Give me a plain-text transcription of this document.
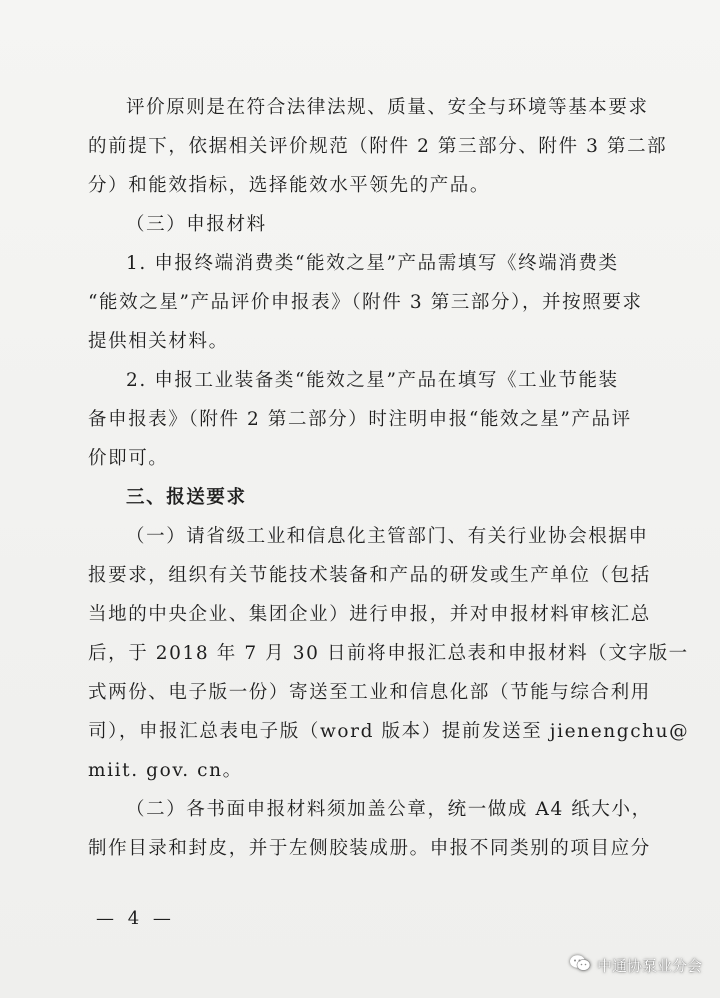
评价原则是在符合法律法规、质量、安全与环境等基本要求
的前提下，依据相关评价规范（附件 2 第三部分、附件 3 第二部
分）和能效指标，选择能效水平领先的产品。

（三）申报材料

1. 申报终端消费类“能效之星”产品需填写《终端消费类
“能效之星”产品评价申报表》（附件 3 第三部分），并按照要求
提供相关材料。

2. 申报工业装备类“能效之星”产品在填写《工业节能装
备申报表》（附件 2 第二部分）时注明申报“能效之星”产品评
价即可。

三、报送要求

（一）请省级工业和信息化主管部门、有关行业协会根据申
报要求，组织有关节能技术装备和产品的研发或生产单位（包括
当地的中央企业、集团企业）进行申报，并对申报材料审核汇总
后，于 2018 年 7 月 30 日前将申报汇总表和申报材料（文字版一
式两份、电子版一份）寄送至工业和信息化部（节能与综合利用
司），申报汇总表电子版（word 版本）提前发送至 jienengchu@
miit. gov. cn。

（二）各书面申报材料须加盖公章，统一做成 A4 纸大小，
制作目录和封皮，并于左侧胶装成册。申报不同类别的项目应分

— 4 —
中通协泵业分会
